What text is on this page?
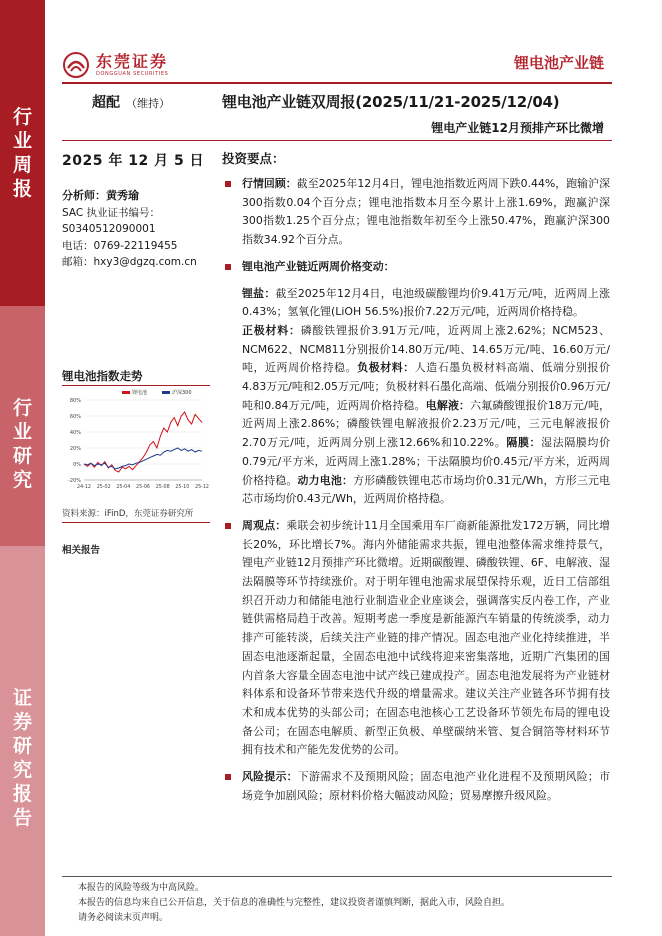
行业周报
行业研究
证券研究报告
东莞证券
DONGGUAN SECURITIES
锂电池产业链
超配 （维持）	锂电池产业链双周报(2025/11/21-2025/12/04)
锂电产业链12月预排产环比微增
2025 年 12 月 5 日
分析师：黄秀瑜
SAC 执业证书编号：
S0340512090001
电话：0769-22119455
邮箱：hxy3@dgzq.com.cn
锂电池指数走势
80%
60%
40%
20%
0%
-20%
24-12 25-02 25-04 25-06 25-08 25-10 25-12
锂电池	沪深300
资料来源：iFinD，东莞证券研究所
相关报告
投资要点：
行情回顾：截至2025年12月4日，锂电池指数近两周下跌0.44%，跑输沪深300指数0.04个百分点；锂电池指数本月至今累计上涨1.69%，跑赢沪深300指数1.25个百分点；锂电池指数年初至今上涨50.47%，跑赢沪深300指数34.92个百分点。
锂电池产业链近两周价格变动：
锂盐：截至2025年12月4日，电池级碳酸锂均价9.41万元/吨，近两周上涨0.43%；氢氧化锂(LiOH 56.5%)报价7.22万元/吨，近两周价格持稳。
正极材料：磷酸铁锂报价3.91万元/吨，近两周上涨2.62%；NCM523、NCM622、NCM811分别报价14.80万元/吨、14.65万元/吨、16.60万元/吨，近两周价格持稳。负极材料：人造石墨负极材料高端、低端分别报价4.83万元/吨和2.05万元/吨；负极材料石墨化高端、低端分别报价0.96万元/吨和0.84万元/吨，近两周价格持稳。电解液：六氟磷酸锂报价18万元/吨，近两周上涨2.86%；磷酸铁锂电解液报价2.23万元/吨，三元电解液报价2.70万元/吨，近两周分别上涨12.66%和10.22%。隔膜：湿法隔膜均价0.79元/平方米，近两周上涨1.28%；干法隔膜均价0.45元/平方米，近两周价格持稳。动力电池：方形磷酸铁锂电芯市场均价0.31元/Wh，方形三元电芯市场均价0.43元/Wh，近两周价格持稳。
周观点：乘联会初步统计11月全国乘用车厂商新能源批发172万辆，同比增长20%，环比增长7%。海内外储能需求共振，锂电池整体需求维持景气，锂电产业链12月预排产环比微增。近期碳酸锂、磷酸铁锂、6F、电解液、湿法隔膜等环节持续涨价。对于明年锂电池需求展望保持乐观，近日工信部组织召开动力和储能电池行业制造业企业座谈会，强调落实反内卷工作，产业链供需格局趋于改善。短期考虑一季度是新能源汽车销量的传统淡季，动力排产可能转淡，后续关注产业链的排产情况。固态电池产业化持续推进，半固态电池逐渐起量，全固态电池中试线将迎来密集落地，近期广汽集团的国内首条大容量全固态电池中试产线已建成投产。固态电池发展将为产业链材料体系和设备环节带来迭代升级的增量需求。建议关注产业链各环节拥有技术和成本优势的头部公司；在固态电池核心工艺设备环节领先布局的锂电设备公司；在固态电解质、新型正负极、单壁碳纳米管、复合铜箔等材料环节拥有技术和产能先发优势的公司。
风险提示：下游需求不及预期风险；固态电池产业化进程不及预期风险；市场竞争加剧风险；原材料价格大幅波动风险；贸易摩擦升级风险。
本报告的风险等级为中高风险。
本报告的信息均来自已公开信息，关于信息的准确性与完整性，建议投资者谨慎判断，据此入市，风险自担。
请务必阅读末页声明。
